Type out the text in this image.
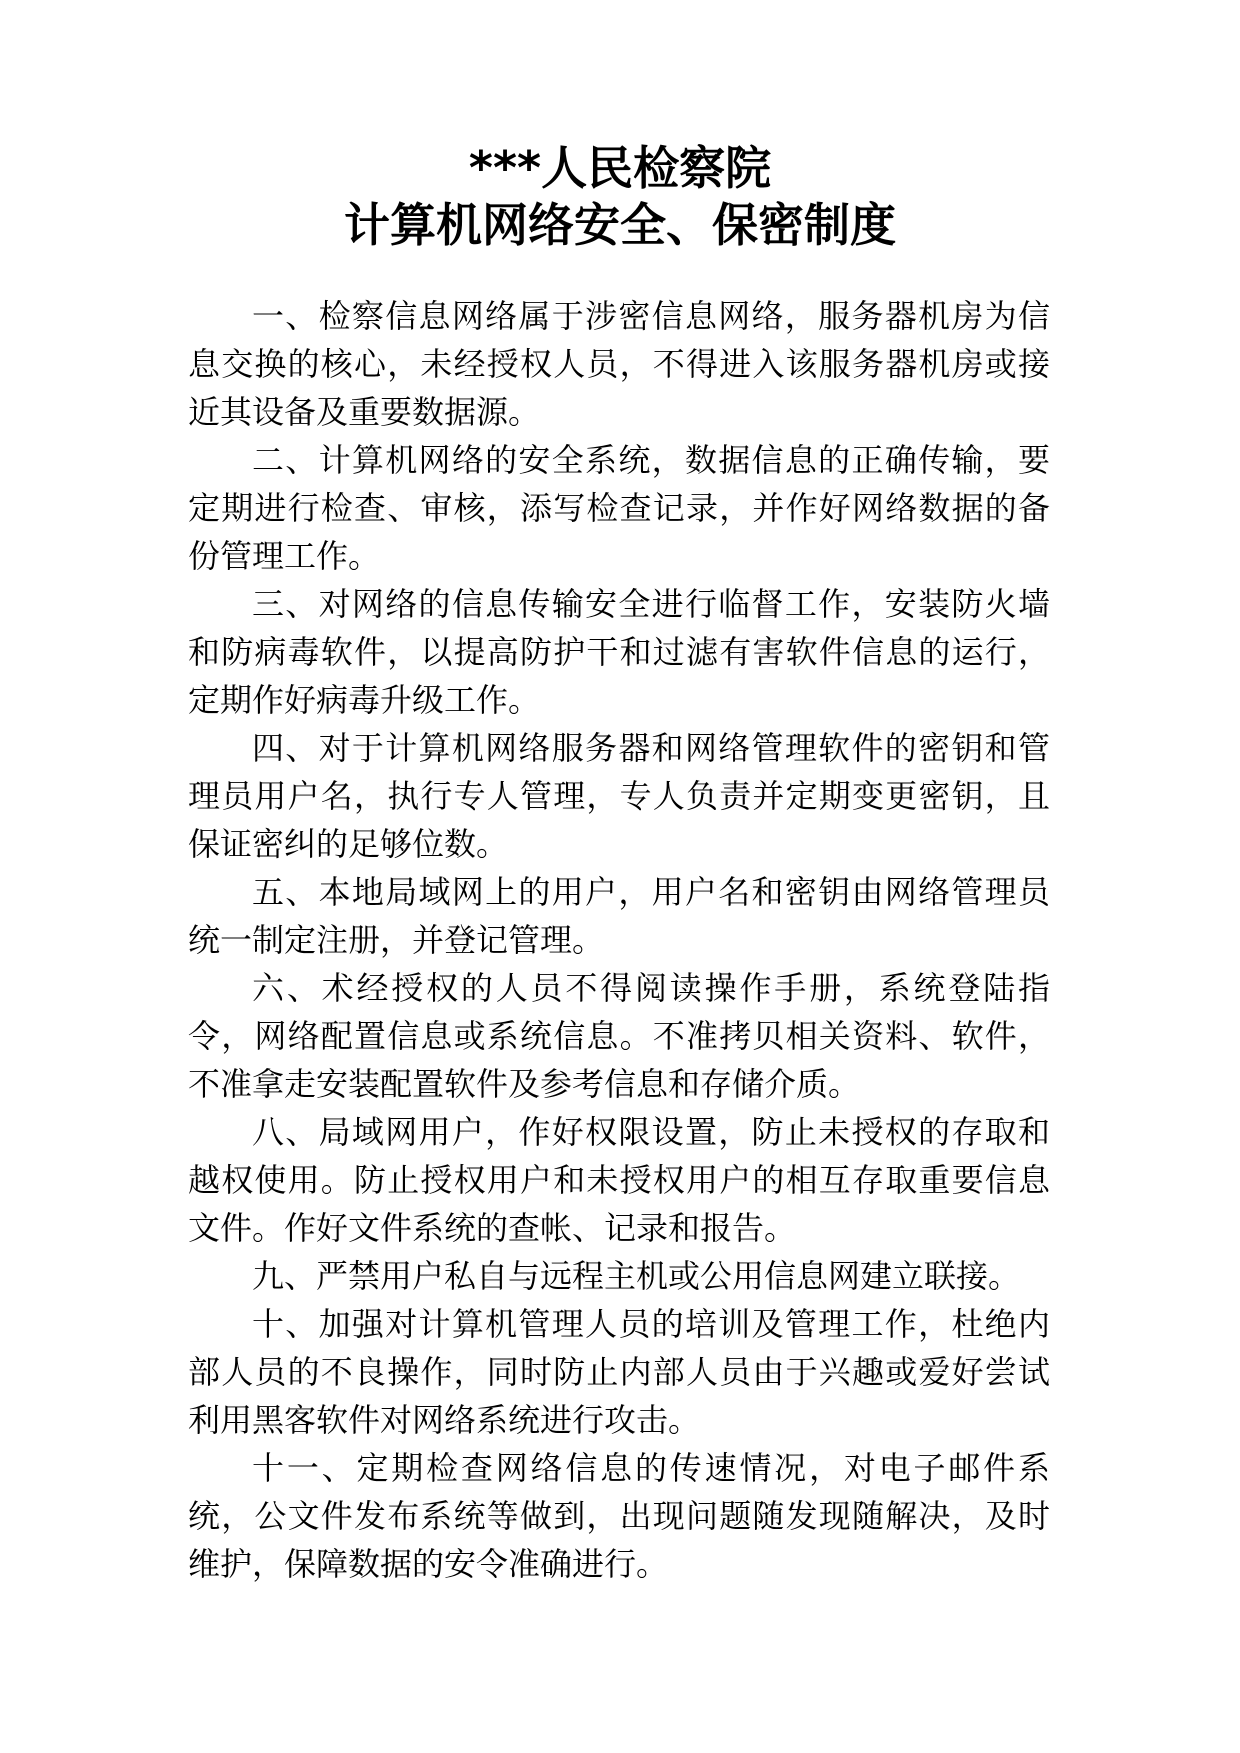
***人民检察院
计算机网络安全、保密制度

一、检察信息网络属于涉密信息网络，服务器机房为信息交换的核心，未经授权人员，不得进入该服务器机房或接近其设备及重要数据源。

二、计算机网络的安全系统，数据信息的正确传输，要定期进行检查、审核，添写检查记录，并作好网络数据的备份管理工作。

三、对网络的信息传输安全进行临督工作，安装防火墙和防病毒软件，以提高防护干和过滤有害软件信息的运行，定期作好病毒升级工作。

四、对于计算机网络服务器和网络管理软件的密钥和管理员用户名，执行专人管理，专人负责并定期变更密钥，且保证密纠的足够位数。

五、本地局域网上的用户，用户名和密钥由网络管理员统一制定注册，并登记管理。

六、术经授权的人员不得阅读操作手册，系统登陆指令，网络配置信息或系统信息。不准拷贝相关资料、软件，不准拿走安装配置软件及参考信息和存储介质。

八、局域网用户，作好权限设置，防止未授权的存取和越权使用。防止授权用户和未授权用户的相互存取重要信息文件。作好文件系统的查帐、记录和报告。

九、严禁用户私自与远程主机或公用信息网建立联接。

十、加强对计算机管理人员的培训及管理工作，杜绝内部人员的不良操作，同时防止内部人员由于兴趣或爱好尝试利用黑客软件对网络系统进行攻击。

十一、定期检查网络信息的传速情况，对电子邮件系统，公文件发布系统等做到，出现问题随发现随解决，及时维护，保障数据的安令准确进行。
